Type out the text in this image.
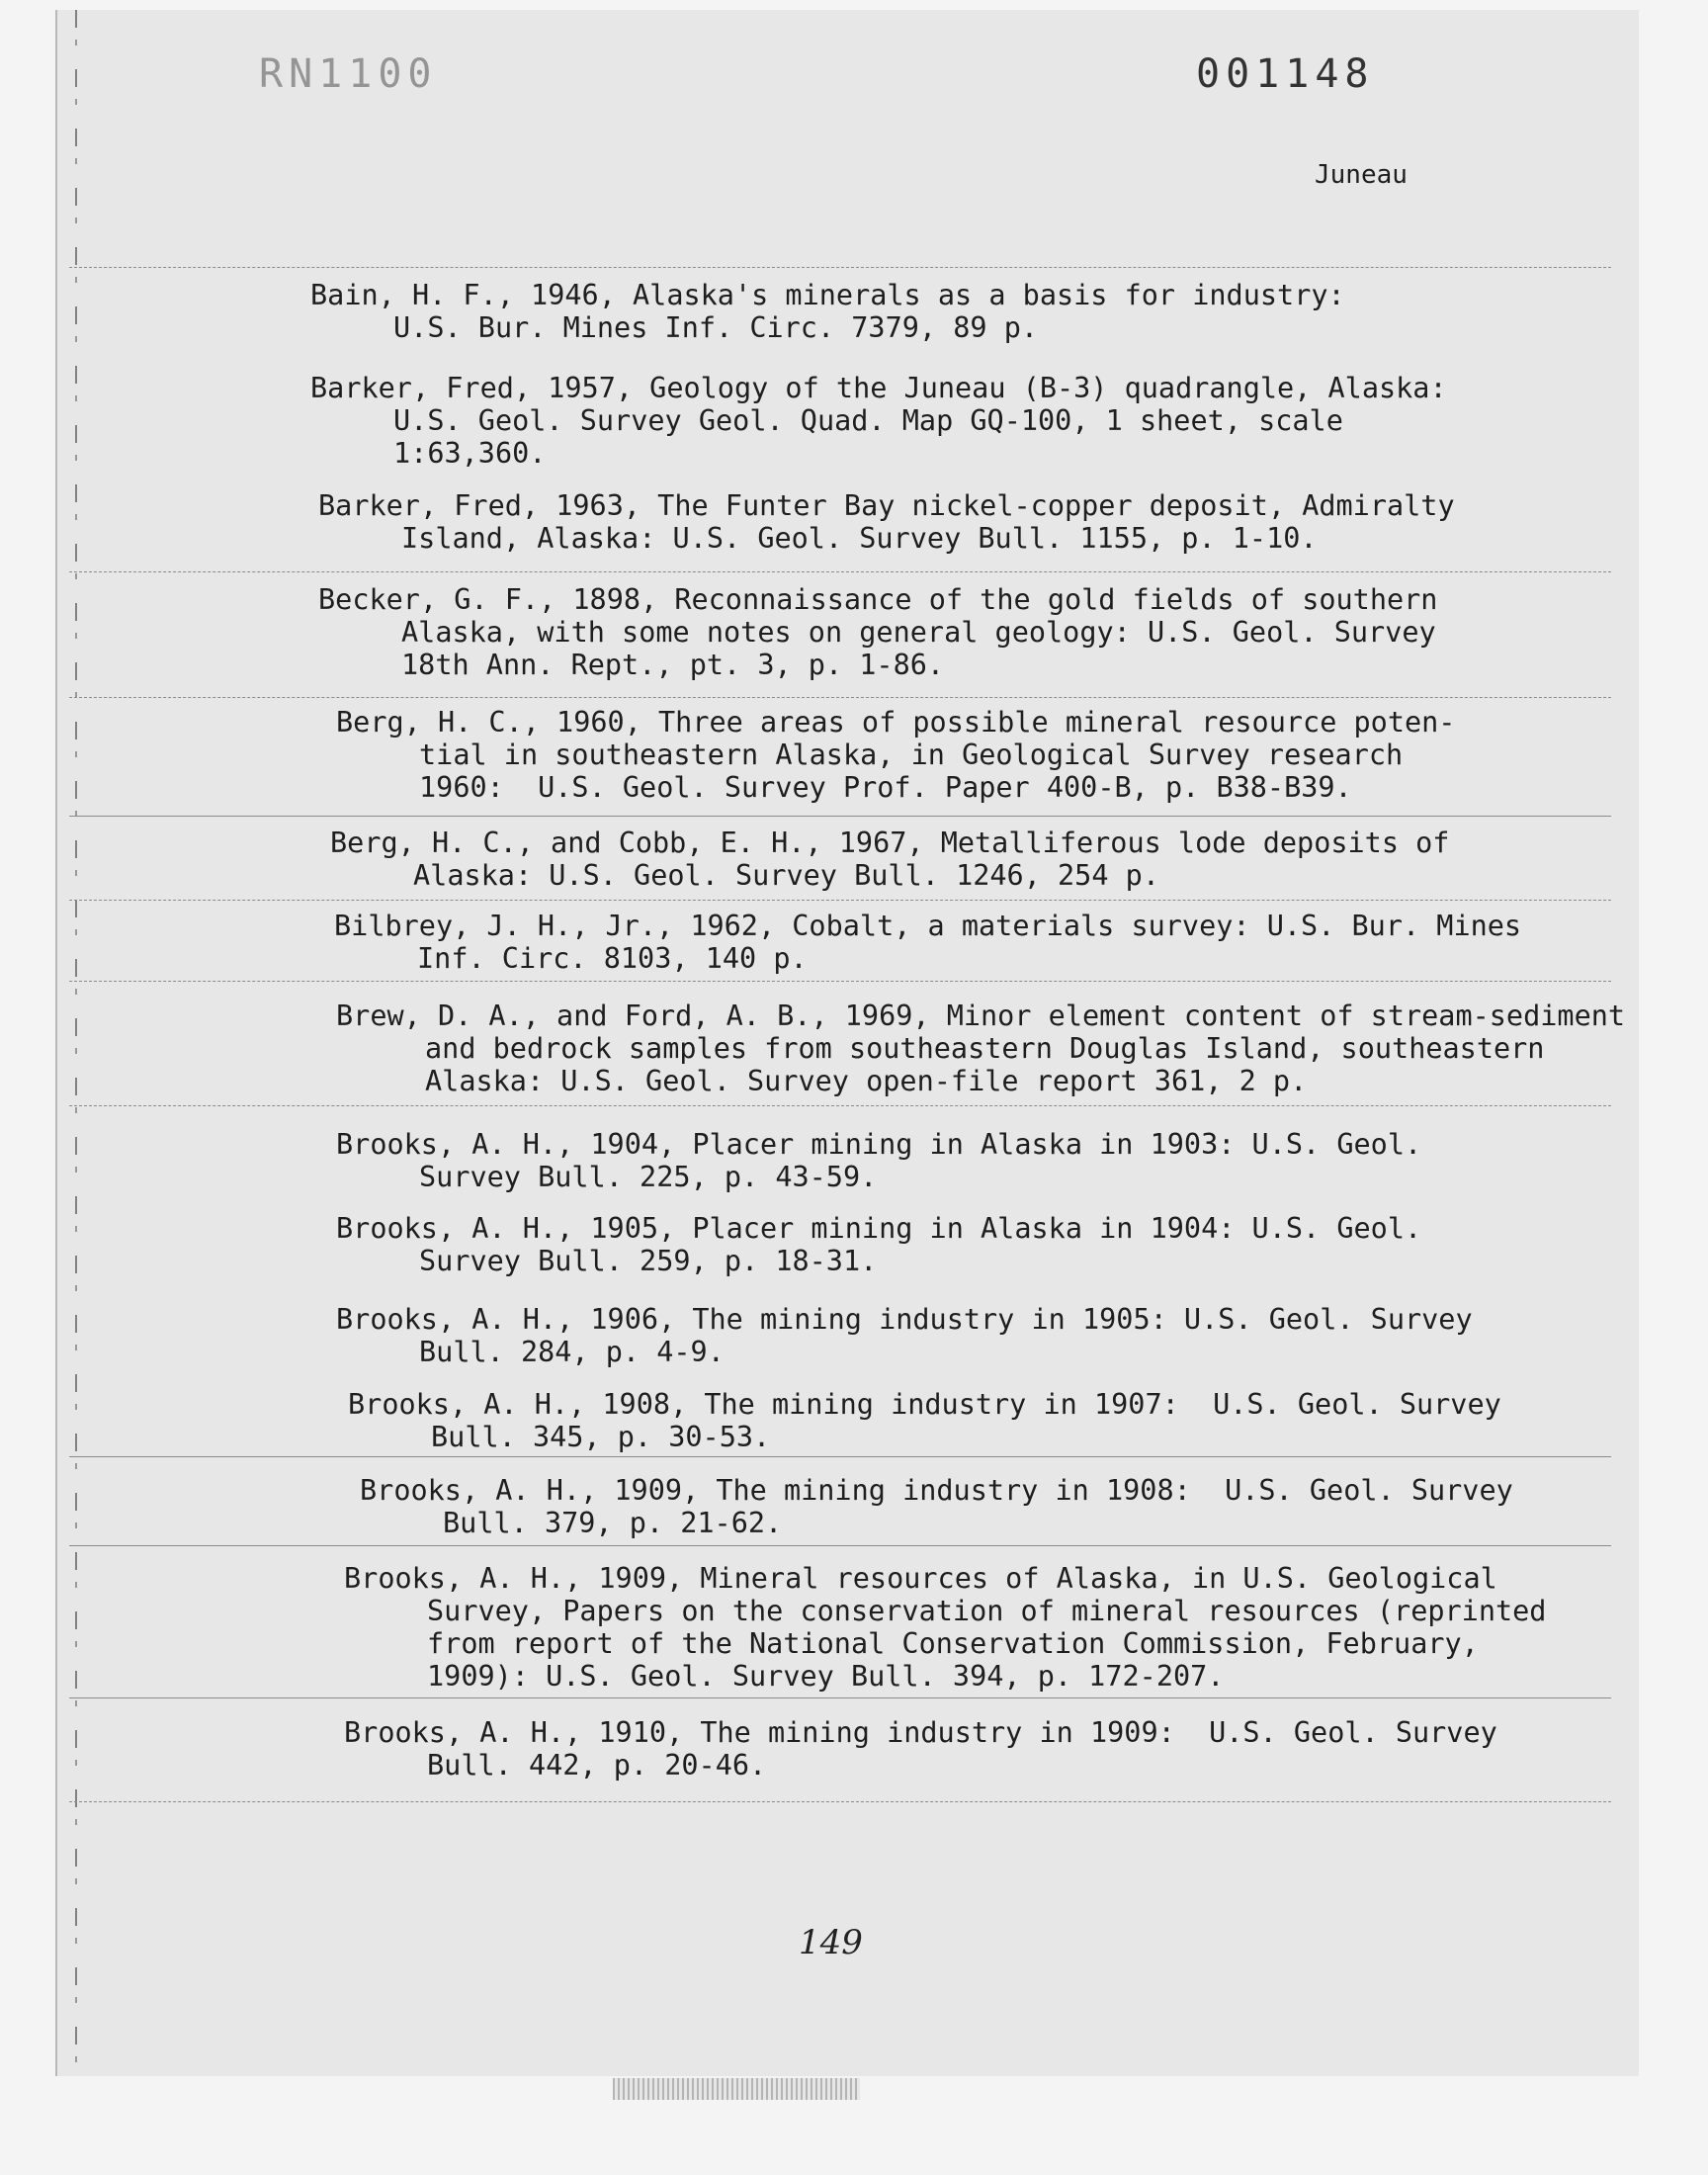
RN1100	001148
Juneau
Bain, H. F., 1946, Alaska's minerals as a basis for industry:
U.S. Bur. Mines Inf. Circ. 7379, 89 p.
Barker, Fred, 1957, Geology of the Juneau (B-3) quadrangle, Alaska:
U.S. Geol. Survey Geol. Quad. Map GQ-100, 1 sheet, scale
1:63,360.
Barker, Fred, 1963, The Funter Bay nickel-copper deposit, Admiralty
Island, Alaska: U.S. Geol. Survey Bull. 1155, p. 1-10.
Becker, G. F., 1898, Reconnaissance of the gold fields of southern
Alaska, with some notes on general geology: U.S. Geol. Survey
18th Ann. Rept., pt. 3, p. 1-86.
Berg, H. C., 1960, Three areas of possible mineral resource poten-
tial in southeastern Alaska, in Geological Survey research
1960:  U.S. Geol. Survey Prof. Paper 400-B, p. B38-B39.
Berg, H. C., and Cobb, E. H., 1967, Metalliferous lode deposits of
Alaska: U.S. Geol. Survey Bull. 1246, 254 p.
Bilbrey, J. H., Jr., 1962, Cobalt, a materials survey: U.S. Bur. Mines
Inf. Circ. 8103, 140 p.
Brew, D. A., and Ford, A. B., 1969, Minor element content of stream-sediment
and bedrock samples from southeastern Douglas Island, southeastern
Alaska: U.S. Geol. Survey open-file report 361, 2 p.
Brooks, A. H., 1904, Placer mining in Alaska in 1903: U.S. Geol.
Survey Bull. 225, p. 43-59.
Brooks, A. H., 1905, Placer mining in Alaska in 1904: U.S. Geol.
Survey Bull. 259, p. 18-31.
Brooks, A. H., 1906, The mining industry in 1905: U.S. Geol. Survey
Bull. 284, p. 4-9.
Brooks, A. H., 1908, The mining industry in 1907:  U.S. Geol. Survey
Bull. 345, p. 30-53.
Brooks, A. H., 1909, The mining industry in 1908:  U.S. Geol. Survey
Bull. 379, p. 21-62.
Brooks, A. H., 1909, Mineral resources of Alaska, in U.S. Geological
Survey, Papers on the conservation of mineral resources (reprinted
from report of the National Conservation Commission, February,
1909): U.S. Geol. Survey Bull. 394, p. 172-207.
Brooks, A. H., 1910, The mining industry in 1909:  U.S. Geol. Survey
Bull. 442, p. 20-46.
149
